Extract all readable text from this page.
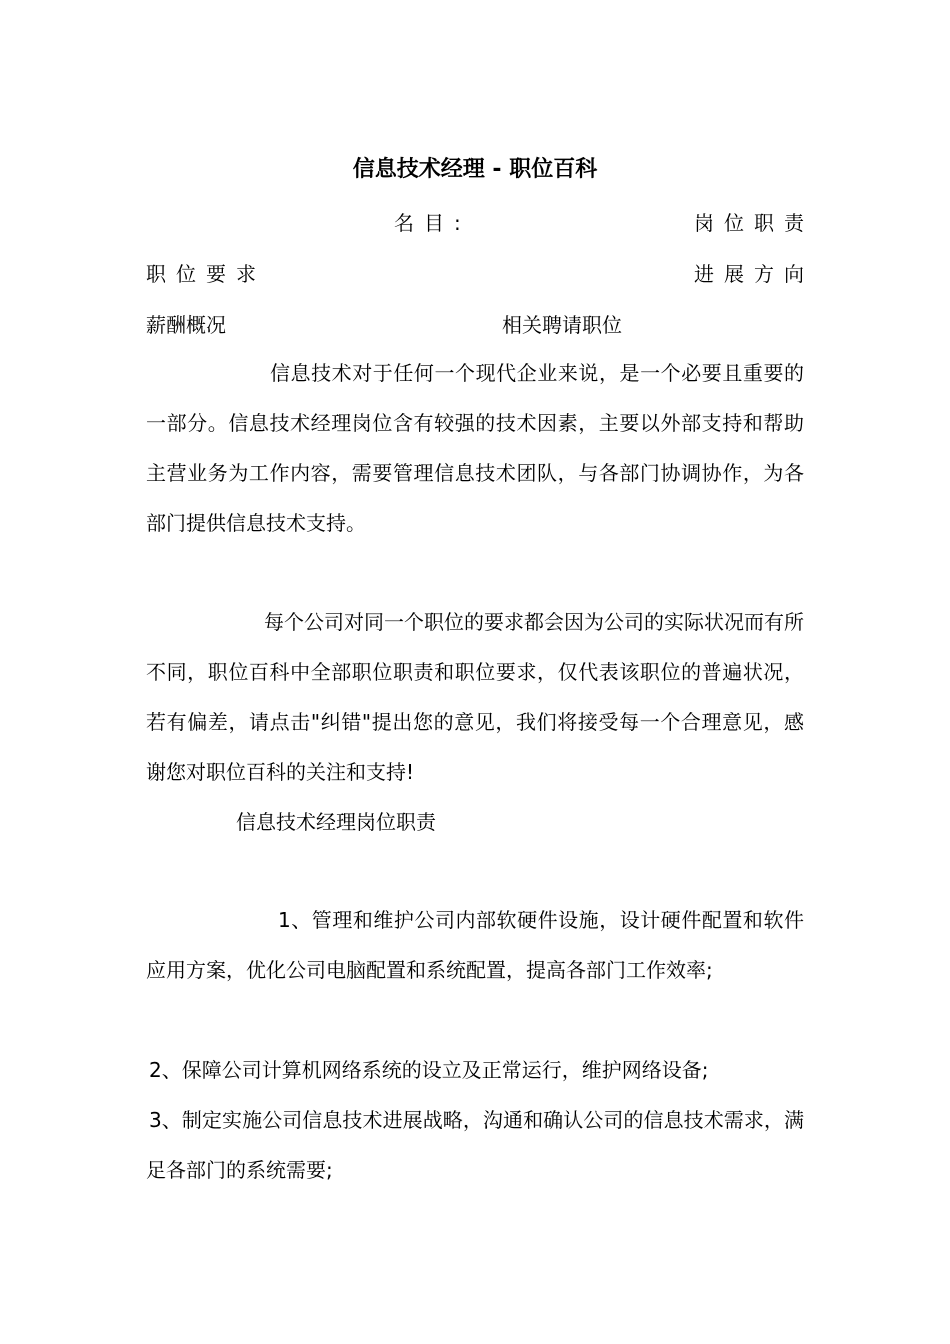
信息技术经理 - 职位百科
名目:	岗位职责
职位要求	进展方向
薪酬概况	相关聘请职位

信息技术对于任何一个现代企业来说，是一个必要且重要的一部分。信息技术经理岗位含有较强的技术因素，主要以外部支持和帮助主营业务为工作内容，需要管理信息技术团队，与各部门协调协作，为各部门提供信息技术支持。

每个公司对同一个职位的要求都会因为公司的实际状况而有所不同，职位百科中全部职位职责和职位要求，仅代表该职位的普遍状况，若有偏差，请点击"纠错"提出您的意见，我们将接受每一个合理意见，感谢您对职位百科的关注和支持!

信息技术经理岗位职责

1、管理和维护公司内部软硬件设施，设计硬件配置和软件应用方案，优化公司电脑配置和系统配置，提高各部门工作效率;

2、保障公司计算机网络系统的设立及正常运行，维护网络设备;

3、制定实施公司信息技术进展战略，沟通和确认公司的信息技术需求，满足各部门的系统需要;
